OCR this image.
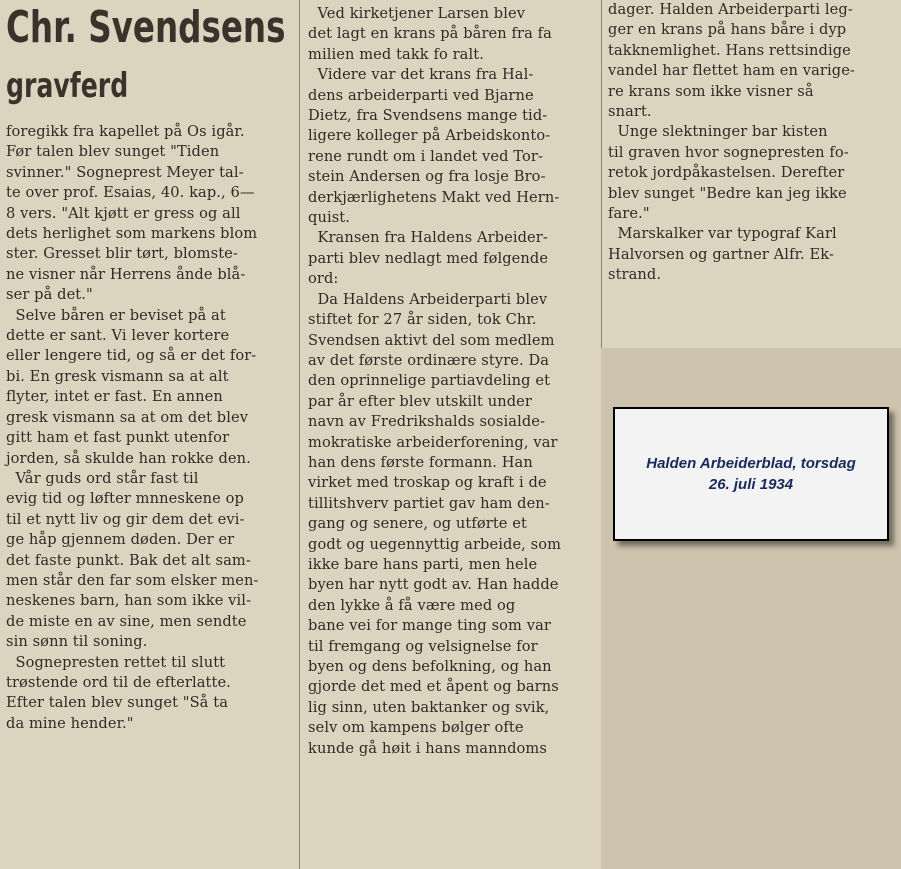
Chr. Svendsens
gravferd
foregikk fra kapellet på Os igår.
Før talen blev sunget "Tiden
svinner." Sogneprest Meyer tal-
te over prof. Esaias, 40. kap., 6—
8 vers. "Alt kjøtt er gress og all
dets herlighet som markens blom
ster. Gresset blir tørt, blomste-
ne visner når Herrens ånde blå-
ser på det."
Selve båren er beviset på at
dette er sant. Vi lever kortere
eller lengere tid, og så er det for-
bi. En gresk vismann sa at alt
flyter, intet er fast. En annen
gresk vismann sa at om det blev
gitt ham et fast punkt utenfor
jorden, så skulde han rokke den.
Vår guds ord står fast til
evig tid og løfter mnneskene op
til et nytt liv og gir dem det evi-
ge håp gjennem døden. Der er
det faste punkt. Bak det alt sam-
men står den far som elsker men-
neskenes barn, han som ikke vil-
de miste en av sine, men sendte
sin sønn til soning.
Sognepresten rettet til slutt
trøstende ord til de efterlatte.
Efter talen blev sunget "Så ta
da mine hender."
Ved kirketjener Larsen blev
det lagt en krans på båren fra fa
milien med takk fo ralt.
Videre var det krans fra Hal-
dens arbeiderparti ved Bjarne
Dietz, fra Svendsens mange tid-
ligere kolleger på Arbeidskonto-
rene rundt om i landet ved Tor-
stein Andersen og fra losje Bro-
derkjærlighetens Makt ved Hern-
quist.
Kransen fra Haldens Arbeider-
parti blev nedlagt med følgende
ord:
Da Haldens Arbeiderparti blev
stiftet for 27 år siden, tok Chr.
Svendsen aktivt del som medlem
av det første ordinære styre. Da
den oprinnelige partiavdeling et
par år efter blev utskilt under
navn av Fredrikshalds sosialde-
mokratiske arbeiderforening, var
han dens første formann. Han
virket med troskap og kraft i de
tillitshverv partiet gav ham den-
gang og senere, og utførte et
godt og uegennyttig arbeide, som
ikke bare hans parti, men hele
byen har nytt godt av. Han hadde
den lykke å få være med og
bane vei for mange ting som var
til fremgang og velsignelse for
byen og dens befolkning, og han
gjorde det med et åpent og barns
lig sinn, uten baktanker og svik,
selv om kampens bølger ofte
kunde gå høit i hans manndoms
dager. Halden Arbeiderparti leg-
ger en krans på hans båre i dyp
takknemlighet. Hans rettsindige
vandel har flettet ham en varige-
re krans som ikke visner så
snart.
Unge slektninger bar kisten
til graven hvor sognepresten fo-
retok jordpåkastelsen. Derefter
blev sunget "Bedre kan jeg ikke
fare."
Marskalker var typograf Karl
Halvorsen og gartner Alfr. Ek-
strand.
Halden Arbeiderblad, torsdag
26. juli 1934
